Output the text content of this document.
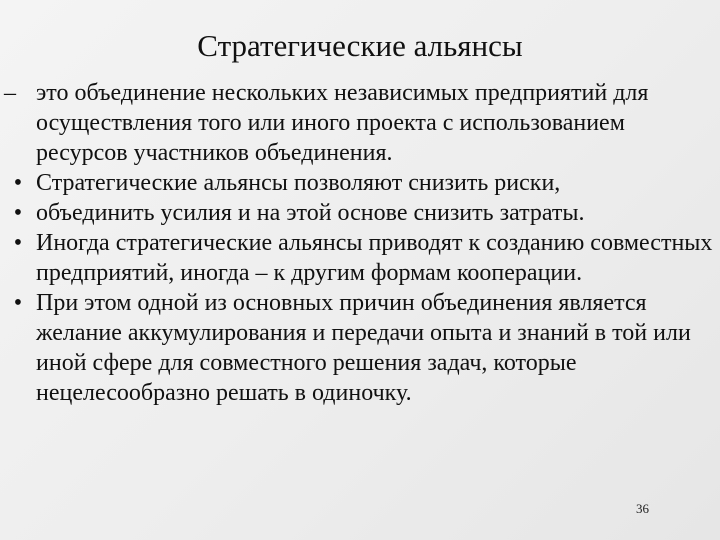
Стратегические альянсы
– это объединение нескольких независимых предприятий для осуществления того или иного проекта с использованием ресурсов участников объединения.
• Стратегические альянсы позволяют снизить риски,
• объединить усилия и на этой основе снизить затраты.
• Иногда стратегические альянсы приводят к созданию совместных предприятий, иногда – к другим формам кооперации.
• При этом одной из основных причин объединения является желание аккумулирования и передачи опыта и знаний в той или иной сфере для совместного решения задач, которые нецелесообразно решать в одиночку.
36
